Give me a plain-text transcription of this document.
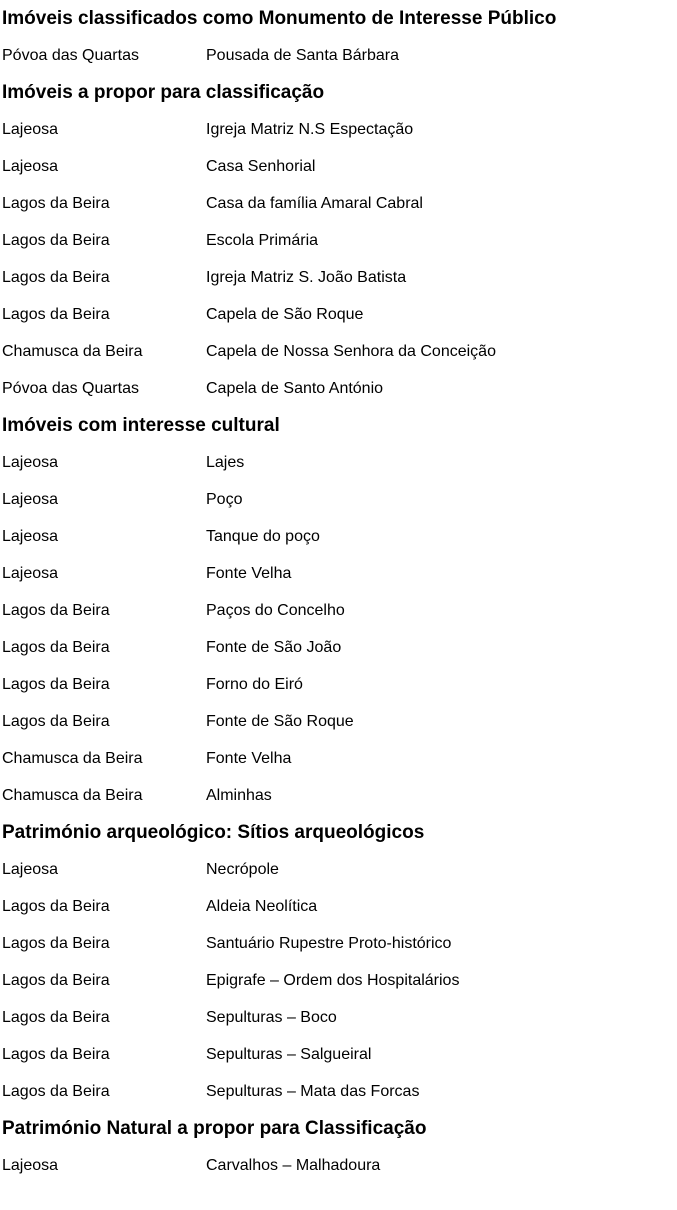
Imóveis classificados como Monumento de Interesse Público
Póvoa das Quartas	Pousada de Santa Bárbara
Imóveis a propor para classificação
Lajeosa	Igreja Matriz N.S Espectação
Lajeosa	Casa Senhorial
Lagos da Beira	Casa da família Amaral Cabral
Lagos da Beira	Escola Primária
Lagos da Beira	Igreja Matriz S. João Batista
Lagos da Beira	Capela de São Roque
Chamusca da Beira	Capela de Nossa Senhora da Conceição
Póvoa das Quartas	Capela de Santo António
Imóveis com interesse cultural
Lajeosa	Lajes
Lajeosa	Poço
Lajeosa	Tanque do poço
Lajeosa	Fonte Velha
Lagos da Beira	Paços do Concelho
Lagos da Beira	Fonte de São João
Lagos da Beira	Forno do Eiró
Lagos da Beira	Fonte de São Roque
Chamusca da Beira	Fonte Velha
Chamusca da Beira	Alminhas
Património arqueológico: Sítios arqueológicos
Lajeosa	Necrópole
Lagos da Beira	Aldeia Neolítica
Lagos da Beira	Santuário Rupestre Proto-histórico
Lagos da Beira	Epigrafe – Ordem dos Hospitalários
Lagos da Beira	Sepulturas – Boco
Lagos da Beira	Sepulturas – Salgueiral
Lagos da Beira	Sepulturas – Mata das Forcas
Património Natural a propor para Classificação
Lajeosa	Carvalhos – Malhadoura
